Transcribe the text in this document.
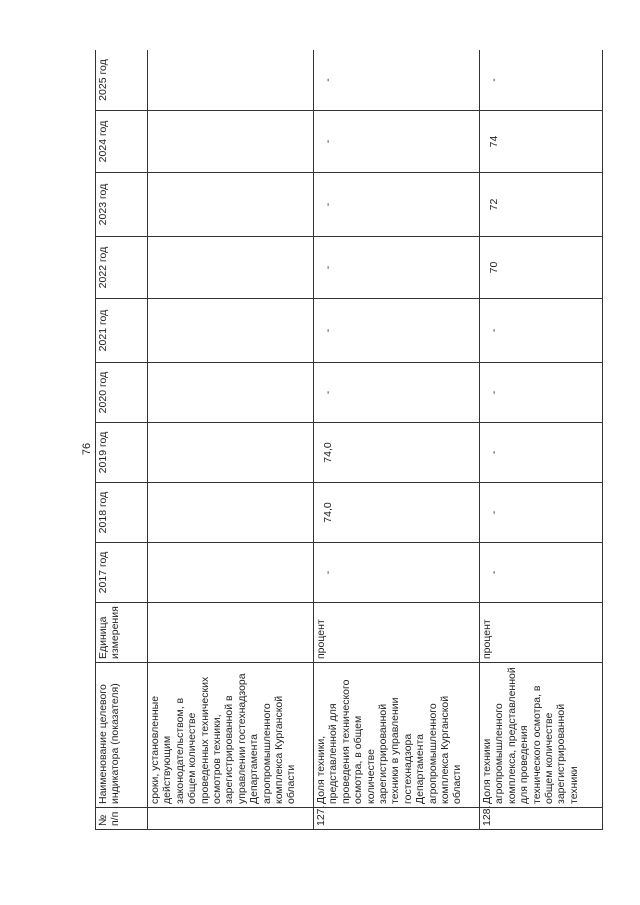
76
№ п/п	Наименование целевого индикатора (показателя)	Единица измерения	2017 год	2018 год	2019 год	2020 год	2021 год	2022 год	2023 год	2024 год	2025 год
	сроки, установленные действующим законодательством, в общем количестве проведенных технических осмотров техники, зарегистрированной в управлении гостехнадзора Департамента агропромышленного комплекса Курганской области										
127.	Доля техники, представленной для проведения технического осмотра, в общем количестве зарегистрированной техники в управлении гостехнадзора Департамента агропромышленного комплекса Курганской области	процент	-	74,0	74,0	-	-	-	-	-	-
128.	Доля техники агропромышленного комплекса, представленной для проведения технического осмотра, в общем количестве зарегистрированной техники	процент	-	-	-	-	-	70	72	74	-
